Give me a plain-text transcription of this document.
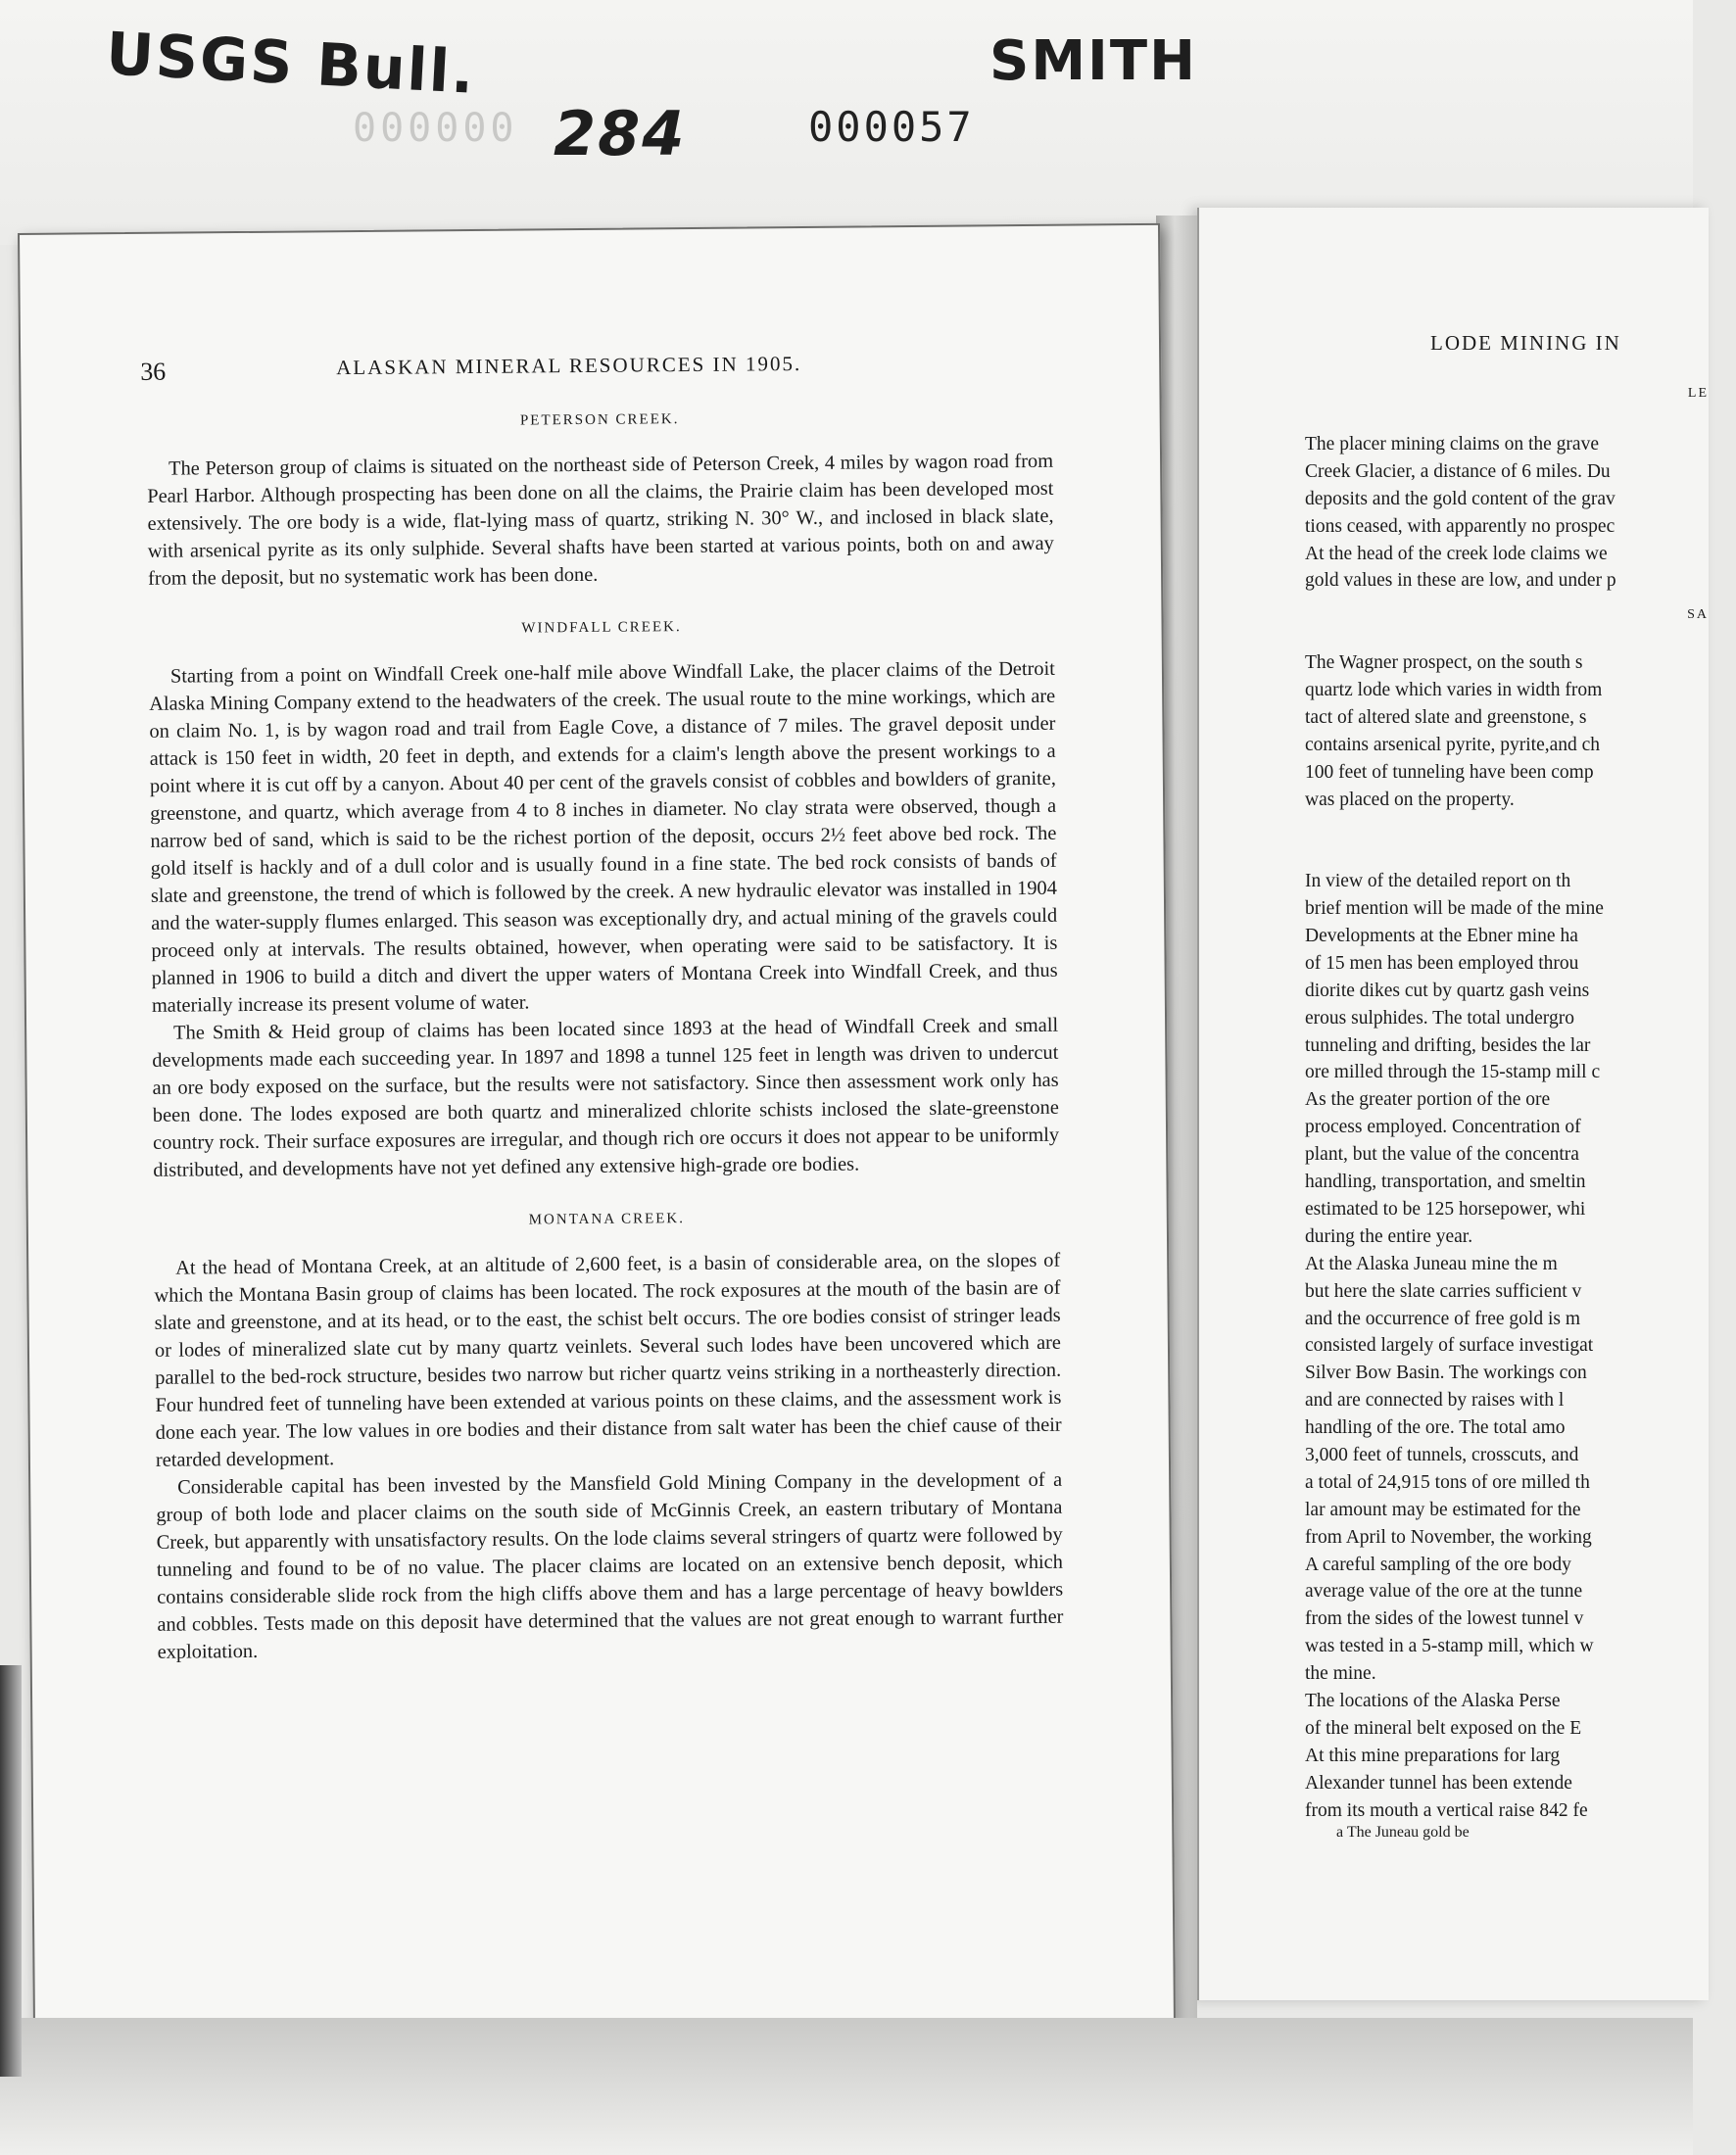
USGS Bull.
284
SMITH
000000	000057
LODE MINING IN
LE
SA
The placer mining claims on the grave
Creek Glacier, a distance of 6 miles. Du
deposits and the gold content of the grav
tions ceased, with apparently no prospec
At the head of the creek lode claims we
gold values in these are low, and under p
The Wagner prospect, on the south s
quartz lode which varies in width from
tact of altered slate and greenstone, s
contains arsenical pyrite, pyrite,and ch
100 feet of tunneling have been comp
was placed on the property.
In view of the detailed report on th
brief mention will be made of the mine
Developments at the Ebner mine ha
of 15 men has been employed throu
diorite dikes cut by quartz gash veins
erous sulphides. The total undergro
tunneling and drifting, besides the lar
ore milled through the 15-stamp mill c
As the greater portion of the ore
process employed. Concentration of
plant, but the value of the concentra
handling, transportation, and smeltin
estimated to be 125 horsepower, whi
during the entire year.
At the Alaska Juneau mine the m
but here the slate carries sufficient v
and the occurrence of free gold is m
consisted largely of surface investigat
Silver Bow Basin. The workings con
and are connected by raises with l
handling of the ore. The total amo
3,000 feet of tunnels, crosscuts, and
a total of 24,915 tons of ore milled th
lar amount may be estimated for the
from April to November, the working
A careful sampling of the ore body
average value of the ore at the tunne
from the sides of the lowest tunnel v
was tested in a 5-stamp mill, which w
the mine.
The locations of the Alaska Perse
of the mineral belt exposed on the E
At this mine preparations for larg
Alexander tunnel has been extende
from its mouth a vertical raise 842 fe
a The Juneau gold be
36	ALASKAN MINERAL RESOURCES IN 1905.
PETERSON CREEK.

The Peterson group of claims is situated on the northeast side of Peterson Creek, 4 miles by wagon road from Pearl Harbor. Although prospecting has been done on all the claims, the Prairie claim has been developed most extensively. The ore body is a wide, flat-lying mass of quartz, striking N. 30° W., and inclosed in black slate, with arsenical pyrite as its only sulphide. Several shafts have been started at various points, both on and away from the deposit, but no systematic work has been done.

WINDFALL CREEK.

Starting from a point on Windfall Creek one-half mile above Windfall Lake, the placer claims of the Detroit Alaska Mining Company extend to the headwaters of the creek. The usual route to the mine workings, which are on claim No. 1, is by wagon road and trail from Eagle Cove, a distance of 7 miles. The gravel deposit under attack is 150 feet in width, 20 feet in depth, and extends for a claim's length above the present workings to a point where it is cut off by a canyon. About 40 per cent of the gravels consist of cobbles and bowlders of granite, greenstone, and quartz, which average from 4 to 8 inches in diameter. No clay strata were observed, though a narrow bed of sand, which is said to be the richest portion of the deposit, occurs 2½ feet above bed rock. The gold itself is hackly and of a dull color and is usually found in a fine state. The bed rock consists of bands of slate and greenstone, the trend of which is followed by the creek. A new hydraulic elevator was installed in 1904 and the water-supply flumes enlarged. This season was exceptionally dry, and actual mining of the gravels could proceed only at intervals. The results obtained, however, when operating were said to be satisfactory. It is planned in 1906 to build a ditch and divert the upper waters of Montana Creek into Windfall Creek, and thus materially increase its present volume of water.

The Smith & Heid group of claims has been located since 1893 at the head of Windfall Creek and small developments made each succeeding year. In 1897 and 1898 a tunnel 125 feet in length was driven to undercut an ore body exposed on the surface, but the results were not satisfactory. Since then assessment work only has been done. The lodes exposed are both quartz and mineralized chlorite schists inclosed the slate-greenstone country rock. Their surface exposures are irregular, and though rich ore occurs it does not appear to be uniformly distributed, and developments have not yet defined any extensive high-grade ore bodies.

MONTANA CREEK.

At the head of Montana Creek, at an altitude of 2,600 feet, is a basin of considerable area, on the slopes of which the Montana Basin group of claims has been located. The rock exposures at the mouth of the basin are of slate and greenstone, and at its head, or to the east, the schist belt occurs. The ore bodies consist of stringer leads or lodes of mineralized slate cut by many quartz veinlets. Several such lodes have been uncovered which are parallel to the bed-rock structure, besides two narrow but richer quartz veins striking in a northeasterly direction. Four hundred feet of tunneling have been extended at various points on these claims, and the assessment work is done each year. The low values in ore bodies and their distance from salt water has been the chief cause of their retarded development.

Considerable capital has been invested by the Mansfield Gold Mining Company in the development of a group of both lode and placer claims on the south side of McGinnis Creek, an eastern tributary of Montana Creek, but apparently with unsatisfactory results. On the lode claims several stringers of quartz were followed by tunneling and found to be of no value. The placer claims are located on an extensive bench deposit, which contains considerable slide rock from the high cliffs above them and has a large percentage of heavy bowlders and cobbles. Tests made on this deposit have determined that the values are not great enough to warrant further exploitation.
